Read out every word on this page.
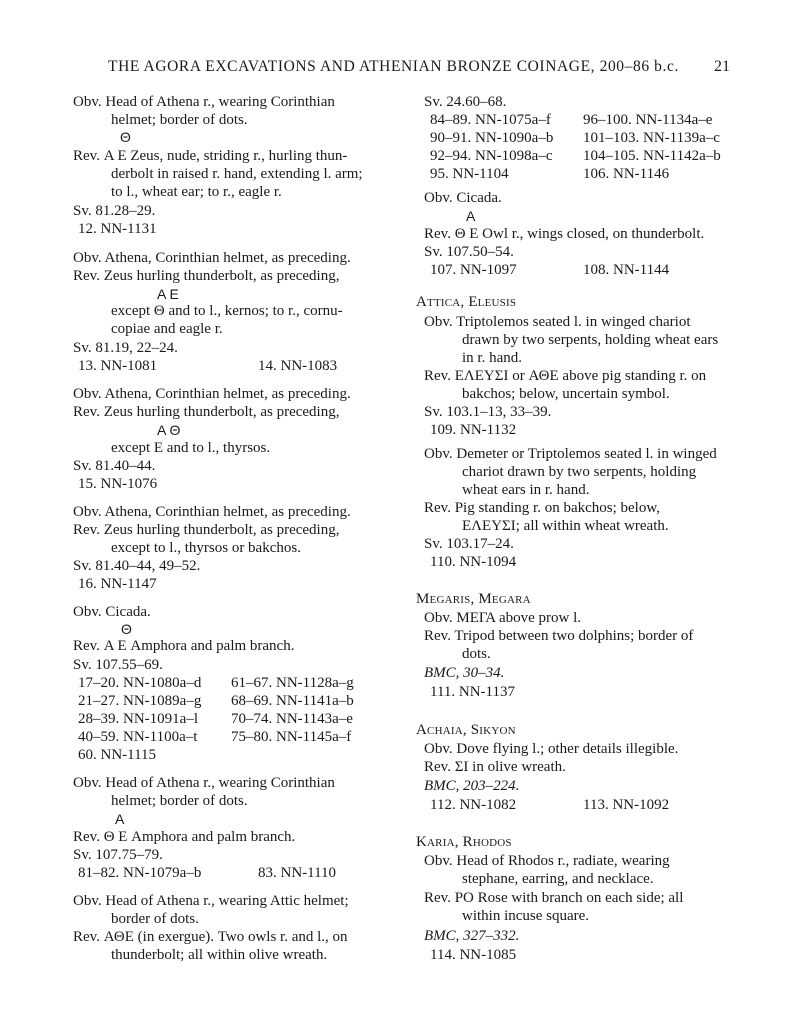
THE AGORA EXCAVATIONS AND ATHENIAN BRONZE COINAGE, 200–86 b.c. 21
Obv. Head of Athena r., wearing Corinthian
helmet; border of dots.
Θ
Rev. Α Ε Zeus, nude, striding r., hurling thun-
derbolt in raised r. hand, extending l. arm;
to l., wheat ear; to r., eagle r.
Sv. 81.28–29.
12. NN-1131
Obv. Athena, Corinthian helmet, as preceding.
Rev. Zeus hurling thunderbolt, as preceding,
Α Ε
except Θ and to l., kernos; to r., cornu-
copiae and eagle r.
Sv. 81.19, 22–24.
13. NN-1081	14. NN-1083
Obv. Athena, Corinthian helmet, as preceding.
Rev. Zeus hurling thunderbolt, as preceding,
Α Θ
except Ε and to l., thyrsos.
Sv. 81.40–44.
15. NN-1076
Obv. Athena, Corinthian helmet, as preceding.
Rev. Zeus hurling thunderbolt, as preceding,
except to l., thyrsos or bakchos.
Sv. 81.40–44, 49–52.
16. NN-1147
Obv. Cicada.
Θ
Rev. Α Ε Amphora and palm branch.
Sv. 107.55–69.
17–20. NN-1080a–d 61–67. NN-1128a–g
21–27. NN-1089a–g 68–69. NN-1141a–b
28–39. NN-1091a–l 70–74. NN-1143a–e
40–59. NN-1100a–t 75–80. NN-1145a–f
60. NN-1115
Obv. Head of Athena r., wearing Corinthian
helmet; border of dots.
Α
Rev. Θ Ε Amphora and palm branch.
Sv. 107.75–79.
81–82. NN-1079a–b	83. NN-1110
Obv. Head of Athena r., wearing Attic helmet;
border of dots.
Rev. ΑΘΕ (in exergue). Two owls r. and l., on
thunderbolt; all within olive wreath.
Sv. 24.60–68.
84–89. NN-1075a–f 96–100. NN-1134a–e
90–91. NN-1090a–b 101–103. NN-1139a–c
92–94. NN-1098a–c 104–105. NN-1142a–b
95. NN-1104	106. NN-1146
Obv. Cicada.
Α
Rev. Θ Ε Owl r., wings closed, on thunderbolt.
Sv. 107.50–54.
107. NN-1097	108. NN-1144
Attica, Eleusis
Obv. Triptolemos seated l. in winged chariot
drawn by two serpents, holding wheat ears
in r. hand.
Rev. ΕΛΕΥΣΙ or ΑΘΕ above pig standing r. on
bakchos; below, uncertain symbol.
Sv. 103.1–13, 33–39.
109. NN-1132
Obv. Demeter or Triptolemos seated l. in winged
chariot drawn by two serpents, holding
wheat ears in r. hand.
Rev. Pig standing r. on bakchos; below,
ΕΛΕΥΣΙ; all within wheat wreath.
Sv. 103.17–24.
110. NN-1094
Megaris, Megara
Obv. ΜΕΓΑ above prow l.
Rev. Tripod between two dolphins; border of
dots.
BMC, 30–34.
111. NN-1137
Achaia, Sikyon
Obv. Dove flying l.; other details illegible.
Rev. ΣΙ in olive wreath.
BMC, 203–224.
112. NN-1082	113. NN-1092
Karia, Rhodos
Obv. Head of Rhodos r., radiate, wearing
stephane, earring, and necklace.
Rev. ΡΟ Rose with branch on each side; all
within incuse square.
BMC, 327–332.
114. NN-1085
